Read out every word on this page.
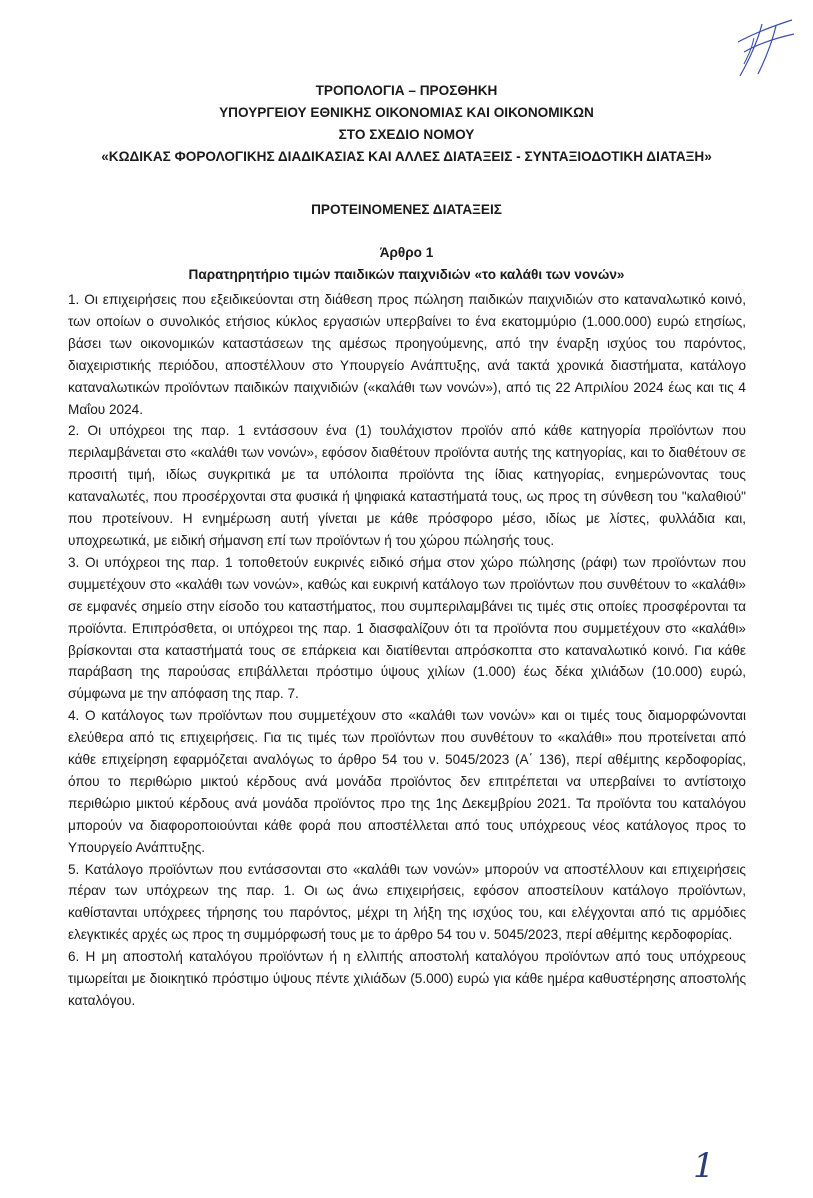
ΤΡΟΠΟΛΟΓΙΑ – ΠΡΟΣΘΗΚΗ
ΥΠΟΥΡΓΕΙΟΥ ΕΘΝΙΚΗΣ ΟΙΚΟΝΟΜΙΑΣ ΚΑΙ ΟΙΚΟΝΟΜΙΚΩΝ
ΣΤΟ ΣΧΕΔΙΟ ΝΟΜΟΥ
«ΚΩΔΙΚΑΣ ΦΟΡΟΛΟΓΙΚΗΣ ΔΙΑΔΙΚΑΣΙΑΣ ΚΑΙ ΑΛΛΕΣ ΔΙΑΤΑΞΕΙΣ - ΣΥΝΤΑΞΙΟΔΟΤΙΚΗ ΔΙΑΤΑΞΗ»
ΠΡΟΤΕΙΝΟΜΕΝΕΣ ΔΙΑΤΑΞΕΙΣ
Άρθρο 1
Παρατηρητήριο τιμών παιδικών παιχνιδιών «το καλάθι των νονών»

1. Οι επιχειρήσεις που εξειδικεύονται στη διάθεση προς πώληση παιδικών παιχνιδιών στο καταναλωτικό κοινό, των οποίων ο συνολικός ετήσιος κύκλος εργασιών υπερβαίνει το ένα εκατομμύριο (1.000.000) ευρώ ετησίως, βάσει των οικονομικών καταστάσεων της αμέσως προηγούμενης, από την έναρξη ισχύος του παρόντος, διαχειριστικής περιόδου, αποστέλλουν στο Υπουργείο Ανάπτυξης, ανά τακτά χρονικά διαστήματα, κατάλογο καταναλωτικών προϊόντων παιδικών παιχνιδιών («καλάθι των νονών»), από τις 22 Απριλίου 2024 έως και τις 4 Μαΐου 2024.

2. Οι υπόχρεοι της παρ. 1 εντάσσουν ένα (1) τουλάχιστον προϊόν από κάθε κατηγορία προϊόντων που περιλαμβάνεται στο «καλάθι των νονών», εφόσον διαθέτουν προϊόντα αυτής της κατηγορίας, και το διαθέτουν σε προσιτή τιμή, ιδίως συγκριτικά με τα υπόλοιπα προϊόντα της ίδιας κατηγορίας, ενημερώνοντας τους καταναλωτές, που προσέρχονται στα φυσικά ή ψηφιακά καταστήματά τους, ως προς τη σύνθεση του "καλαθιού" που προτείνουν. Η ενημέρωση αυτή γίνεται με κάθε πρόσφορο μέσο, ιδίως με λίστες, φυλλάδια και, υποχρεωτικά, με ειδική σήμανση επί των προϊόντων ή του χώρου πώλησής τους.

3. Οι υπόχρεοι της παρ. 1 τοποθετούν ευκρινές ειδικό σήμα στον χώρο πώλησης (ράφι) των προϊόντων που συμμετέχουν στο «καλάθι των νονών», καθώς και ευκρινή κατάλογο των προϊόντων που συνθέτουν το «καλάθι» σε εμφανές σημείο στην είσοδο του καταστήματος, που συμπεριλαμβάνει τις τιμές στις οποίες προσφέρονται τα προϊόντα. Επιπρόσθετα, οι υπόχρεοι της παρ. 1 διασφαλίζουν ότι τα προϊόντα που συμμετέχουν στο «καλάθι» βρίσκονται στα καταστήματά τους σε επάρκεια και διατίθενται απρόσκοπτα στο καταναλωτικό κοινό. Για κάθε παράβαση της παρούσας επιβάλλεται πρόστιμο ύψους χιλίων (1.000) έως δέκα χιλιάδων (10.000) ευρώ, σύμφωνα με την απόφαση της παρ. 7.

4. Ο κατάλογος των προϊόντων που συμμετέχουν στο «καλάθι των νονών» και οι τιμές τους διαμορφώνονται ελεύθερα από τις επιχειρήσεις. Για τις τιμές των προϊόντων που συνθέτουν το «καλάθι» που προτείνεται από κάθε επιχείρηση εφαρμόζεται αναλόγως το άρθρο 54 του ν. 5045/2023 (Α΄ 136), περί αθέμιτης κερδοφορίας, όπου το περιθώριο μικτού κέρδους ανά μονάδα προϊόντος δεν επιτρέπεται να υπερβαίνει το αντίστοιχο περιθώριο μικτού κέρδους ανά μονάδα προϊόντος προ της 1ης Δεκεμβρίου 2021. Τα προϊόντα του καταλόγου μπορούν να διαφοροποιούνται κάθε φορά που αποστέλλεται από τους υπόχρεους νέος κατάλογος προς το Υπουργείο Ανάπτυξης.

5. Κατάλογο προϊόντων που εντάσσονται στο «καλάθι των νονών» μπορούν να αποστέλλουν και επιχειρήσεις πέραν των υπόχρεων της παρ. 1. Οι ως άνω επιχειρήσεις, εφόσον αποστείλουν κατάλογο προϊόντων, καθίστανται υπόχρεες τήρησης του παρόντος, μέχρι τη λήξη της ισχύος του, και ελέγχονται από τις αρμόδιες ελεγκτικές αρχές ως προς τη συμμόρφωσή τους με το άρθρο 54 του ν. 5045/2023, περί αθέμιτης κερδοφορίας.

6. Η μη αποστολή καταλόγου προϊόντων ή η ελλιπής αποστολή καταλόγου προϊόντων από τους υπόχρεους τιμωρείται με διοικητικό πρόστιμο ύψους πέντε χιλιάδων (5.000) ευρώ για κάθε ημέρα καθυστέρησης αποστολής καταλόγου.

1
